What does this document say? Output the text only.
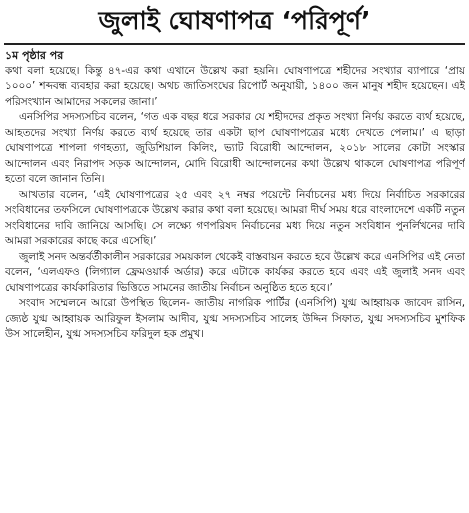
জুলাই ঘোষণাপত্র ‘পরিপূর্ণ’

১ম পৃষ্ঠার পর

কথা বলা হয়েছে। কিন্তু ৪৭-এর কথা এখানে উল্লেখ করা হয়নি। ঘোষণাপত্রে শহীদের সংখ্যার ব্যাপারে ‘প্রায় ১০০০’ শব্দবন্ধ ব্যবহার করা হয়েছে। অথচ জাতিসংঘের রিপোর্ট অনুযায়ী, ১৪০০ জন মানুষ শহীদ হয়েছেন। এই পরিসংখ্যান আমাদের সকলের জানা।’

এনসিপির সদস্যসচিব বলেন, ‘গত এক বছর ধরে সরকার যে শহীদদের প্রকৃত সংখ্যা নির্ণয় করতে ব্যর্থ হয়েছে, আহতদের সংখ্যা নির্ণয় করতে ব্যর্থ হয়েছে তার একটা ছাপ ঘোষণাপত্রের মধ্যে দেখতে পেলাম।’ এ ছাড়া ঘোষণাপত্রে শাপলা গণহত্যা, জুডিশিয়াল কিলিং, ভ্যাট বিরোধী আন্দোলন, ২০১৮ সালের কোটা সংস্কার আন্দোলন এবং নিরাপদ সড়ক আন্দোলন, মোদি বিরোধী আন্দোলনের কথা উল্লেখ থাকলে ঘোষণাপত্র পরিপূর্ণ হতো বলে জানান তিনি।

আখতার বলেন, ‘এই ঘোষণাপত্রের ২৫ এবং ২৭ নম্বর পয়েন্টে নির্বাচনের মধ্য দিয়ে নির্বাচিত সরকারের সংবিধানের তফসিলে ঘোষণাপত্রকে উল্লেখ করার কথা বলা হয়েছে। আমরা দীর্ঘ সময় ধরে বাংলাদেশে একটি নতুন সংবিধানের দাবি জানিয়ে আসছি। সে লক্ষ্যে গণপরিষদ নির্বাচনের মধ্য দিয়ে নতুন সংবিধান পুনর্লিখনের দাবি আমরা সরকারের কাছে করে এসেছি।’

জুলাই সনদ অন্তর্বর্তীকালীন সরকারের সময়কাল থেকেই বাস্তবায়ন করতে হবে উল্লেখ করে এনসিপির এই নেতা বলেন, ‘এলএফও (লিগ্যাল ফ্রেমওয়ার্ক অর্ডার) করে এটাকে কার্যকর করতে হবে এবং এই জুলাই সনদ এবং ঘোষণাপত্রের কার্যকারিতার ভিত্তিতে সামনের জাতীয় নির্বাচন অনুষ্ঠিত হতে হবে।’

সংবাদ সম্মেলনে আরো উপস্থিত ছিলেন- জাতীয় নাগরিক পার্টির (এনসিপি) যুগ্ম আহ্বায়ক জাবেদ রাসিন, জ্যেষ্ঠ যুগ্ম আহ্বায়ক আরিফুল ইসলাম আদীব, যুগ্ম সদস্যসচিব সালেহ উদ্দিন সিফাত, যুগ্ম সদস্যসচিব মুশফিক উস সালেহীন, যুগ্ম সদস্যসচিব ফরিদুল হক প্রমুখ।
